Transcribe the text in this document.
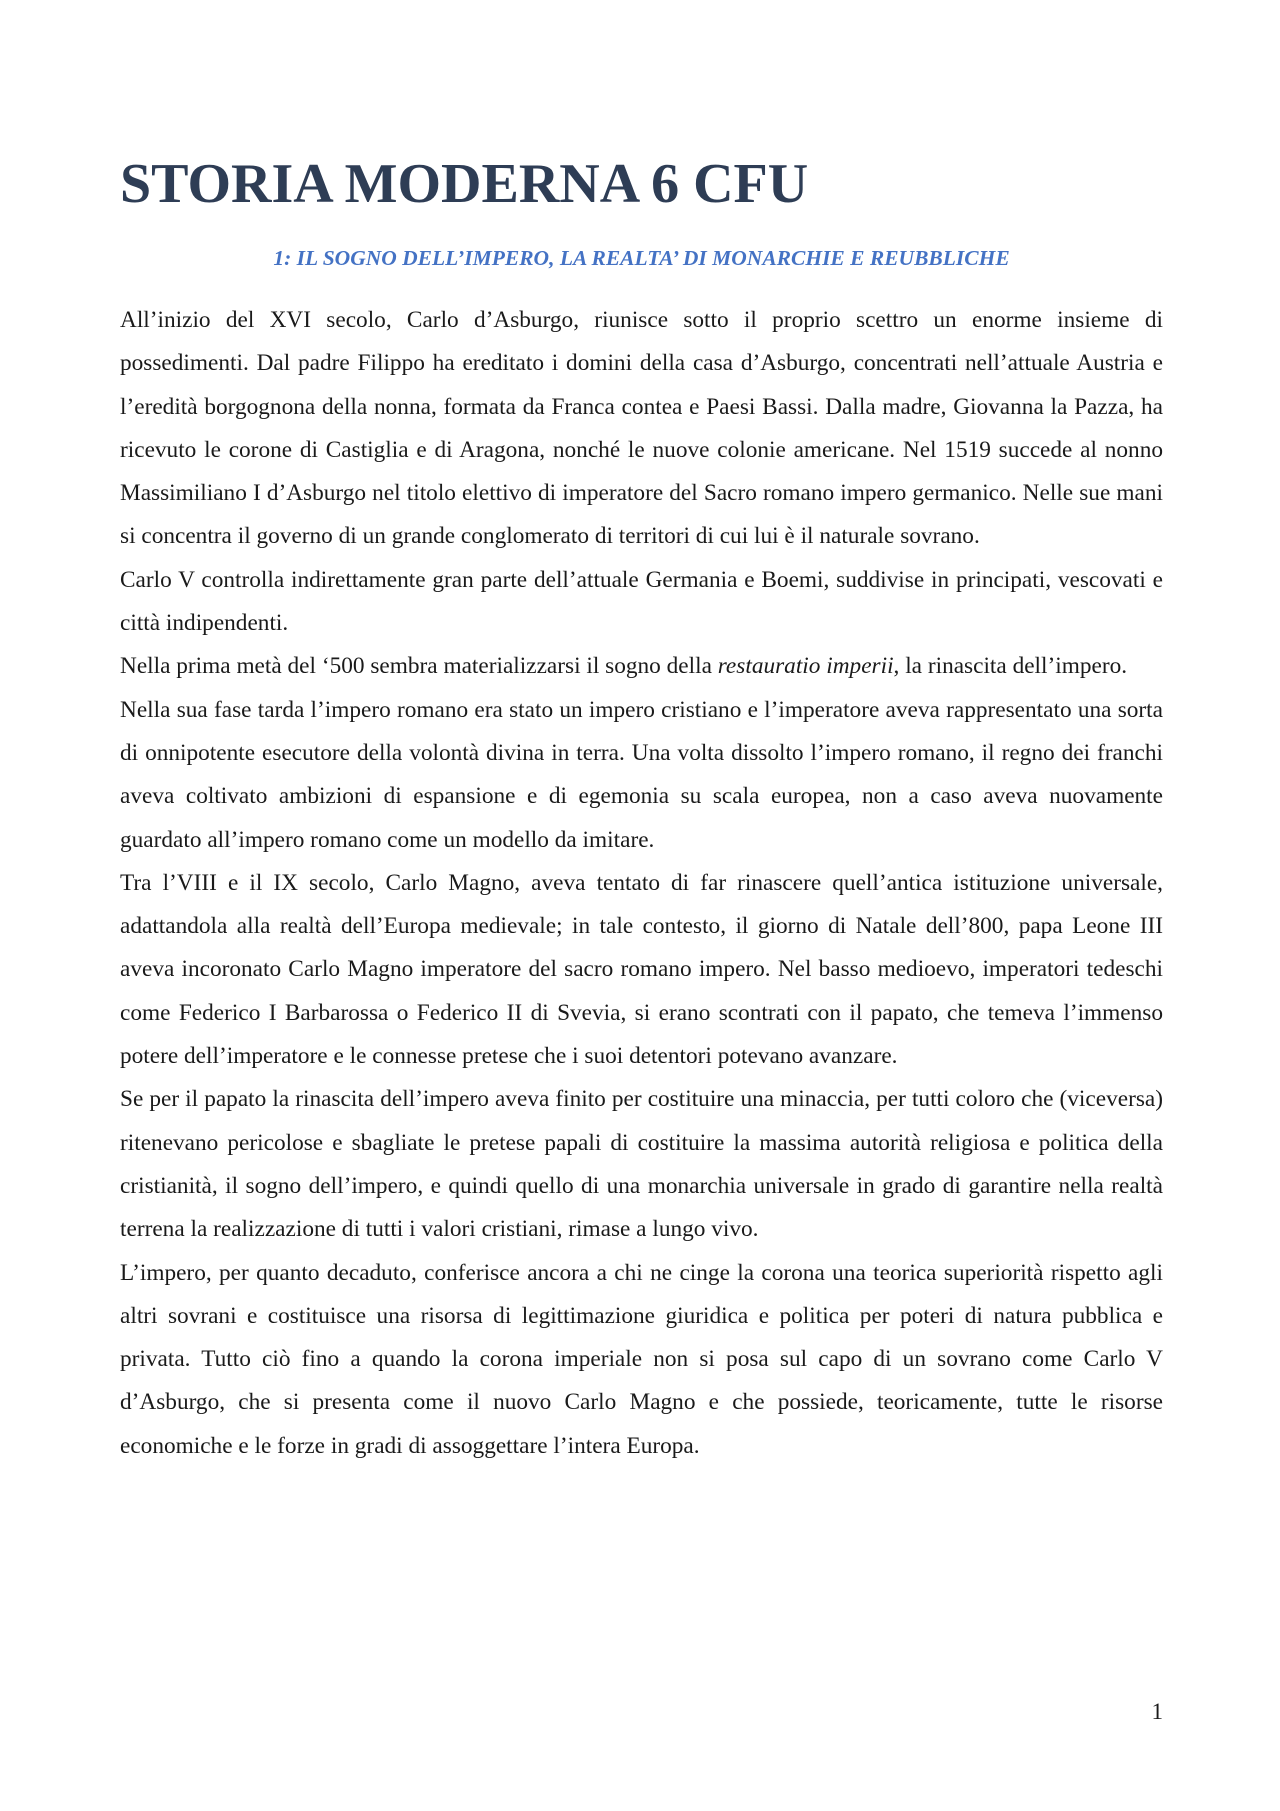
STORIA MODERNA 6 CFU
1: IL SOGNO DELL’IMPERO, LA REALTA’ DI MONARCHIE E REUBBLICHE

All’inizio del XVI secolo, Carlo d’Asburgo, riunisce sotto il proprio scettro un enorme insieme di possedimenti. Dal padre Filippo ha ereditato i domini della casa d’Asburgo, concentrati nell’attuale Austria e l’eredità borgognona della nonna, formata da Franca contea e Paesi Bassi. Dalla madre, Giovanna la Pazza, ha ricevuto le corone di Castiglia e di Aragona, nonché le nuove colonie americane. Nel 1519 succede al nonno Massimiliano I d’Asburgo nel titolo elettivo di imperatore del Sacro romano impero germanico. Nelle sue mani si concentra il governo di un grande conglomerato di territori di cui lui è il naturale sovrano.

Carlo V controlla indirettamente gran parte dell’attuale Germania e Boemi, suddivise in principati, vescovati e città indipendenti.

Nella prima metà del ‘500 sembra materializzarsi il sogno della restauratio imperii, la rinascita dell’impero.

Nella sua fase tarda l’impero romano era stato un impero cristiano e l’imperatore aveva rappresentato una sorta di onnipotente esecutore della volontà divina in terra. Una volta dissolto l’impero romano, il regno dei franchi aveva coltivato ambizioni di espansione e di egemonia su scala europea, non a caso aveva nuovamente guardato all’impero romano come un modello da imitare.

Tra l’VIII e il IX secolo, Carlo Magno, aveva tentato di far rinascere quell’antica istituzione universale, adattandola alla realtà dell’Europa medievale; in tale contesto, il giorno di Natale dell’800, papa Leone III aveva incoronato Carlo Magno imperatore del sacro romano impero. Nel basso medioevo, imperatori tedeschi come Federico I Barbarossa o Federico II di Svevia, si erano scontrati con il papato, che temeva l’immenso potere dell’imperatore e le connesse pretese che i suoi detentori potevano avanzare.

Se per il papato la rinascita dell’impero aveva finito per costituire una minaccia, per tutti coloro che (viceversa) ritenevano pericolose e sbagliate le pretese papali di costituire la massima autorità religiosa e politica della cristianità, il sogno dell’impero, e quindi quello di una monarchia universale in grado di garantire nella realtà terrena la realizzazione di tutti i valori cristiani, rimase a lungo vivo.

L’impero, per quanto decaduto, conferisce ancora a chi ne cinge la corona una teorica superiorità rispetto agli altri sovrani e costituisce una risorsa di legittimazione giuridica e politica per poteri di natura pubblica e privata. Tutto ciò fino a quando la corona imperiale non si posa sul capo di un sovrano come Carlo V d’Asburgo, che si presenta come il nuovo Carlo Magno e che possiede, teoricamente, tutte le risorse economiche e le forze in gradi di assoggettare l’intera Europa.

1
